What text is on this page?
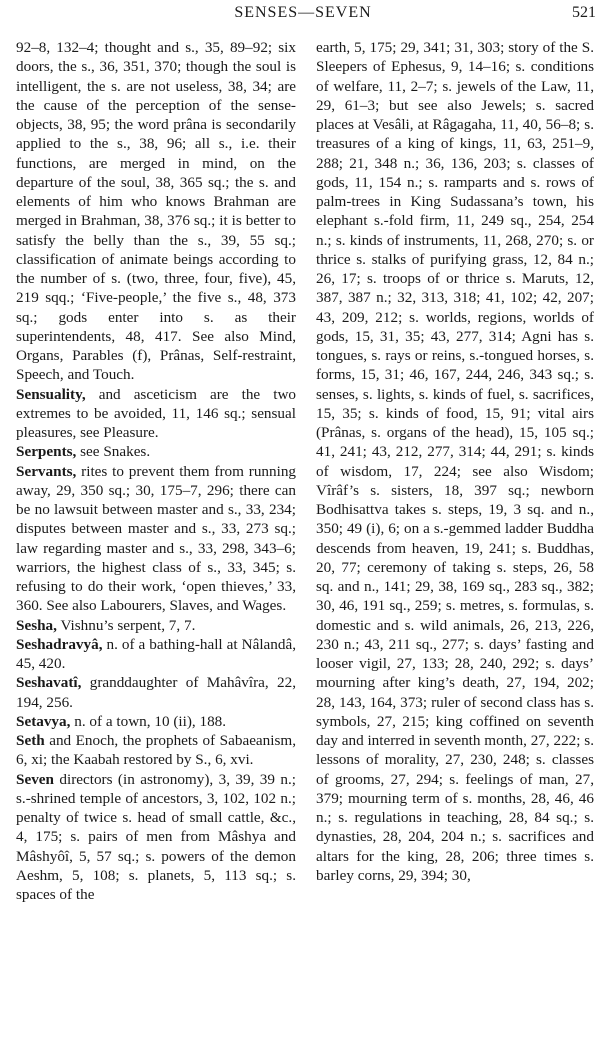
SENSES—SEVEN	521

92–8, 132–4; thought and s., 35, 89–92; six doors, the s., 36, 351, 370; though the soul is intelligent, the s. are not useless, 38, 34; are the cause of the perception of the sense-objects, 38, 95; the word prâna is secondarily applied to the s., 38, 96; all s., i.e. their functions, are merged in mind, on the departure of the soul, 38, 365 sq.; the s. and elements of him who knows Brahman are merged in Brahman, 38, 376 sq.; it is better to satisfy the belly than the s., 39, 55 sq.; classification of animate beings according to the number of s. (two, three, four, five), 45, 219 sqq.; ‘Five-people,’ the five s., 48, 373 sq.; gods enter into s. as their superintendents, 48, 417. See also Mind, Organs, Parables (f), Prânas, Self-restraint, Speech, and Touch.

Sensuality, and asceticism are the two extremes to be avoided, 11, 146 sq.; sensual pleasures, see Pleasure.

Serpents, see Snakes.

Servants, rites to prevent them from running away, 29, 350 sq.; 30, 175–7, 296; there can be no lawsuit between master and s., 33, 234; disputes between master and s., 33, 273 sq.; law regarding master and s., 33, 298, 343–6; warriors, the highest class of s., 33, 345; s. refusing to do their work, ‘open thieves,’ 33, 360. See also Labourers, Slaves, and Wages.

Sesha, Vishnu’s serpent, 7, 7.

Seshadravyâ, n. of a bathing-hall at Nâlandâ, 45, 420.

Seshavatî, granddaughter of Mahâvîra, 22, 194, 256.

Setavya, n. of a town, 10 (ii), 188.

Seth and Enoch, the prophets of Sabaeanism, 6, xi; the Kaabah restored by S., 6, xvi.

Seven directors (in astronomy), 3, 39, 39 n.; s.-shrined temple of ancestors, 3, 102, 102 n.; penalty of twice s. head of small cattle, &c., 4, 175; s. pairs of men from Mâshya and Mâshyôî, 5, 57 sq.; s. powers of the demon Aeshm, 5, 108; s. planets, 5, 113 sq.; s. spaces of the

earth, 5, 175; 29, 341; 31, 303; story of the S. Sleepers of Ephesus, 9, 14–16; s. conditions of welfare, 11, 2–7; s. jewels of the Law, 11, 29, 61–3; but see also Jewels; s. sacred places at Vesâli, at Râgagaha, 11, 40, 56–8; s. treasures of a king of kings, 11, 63, 251–9, 288; 21, 348 n.; 36, 136, 203; s. classes of gods, 11, 154 n.; s. ramparts and s. rows of palm-trees in King Sudassana’s town, his elephant s.-fold firm, 11, 249 sq., 254, 254 n.; s. kinds of instruments, 11, 268, 270; s. or thrice s. stalks of purifying grass, 12, 84 n.; 26, 17; s. troops of or thrice s. Maruts, 12, 387, 387 n.; 32, 313, 318; 41, 102; 42, 207; 43, 209, 212; s. worlds, regions, worlds of gods, 15, 31, 35; 43, 277, 314; Agni has s. tongues, s. rays or reins, s.-tongued horses, s. forms, 15, 31; 46, 167, 244, 246, 343 sq.; s. senses, s. lights, s. kinds of fuel, s. sacrifices, 15, 35; s. kinds of food, 15, 91; vital airs (Prânas, s. organs of the head), 15, 105 sq.; 41, 241; 43, 212, 277, 314; 44, 291; s. kinds of wisdom, 17, 224; see also Wisdom; Vîrâf’s s. sisters, 18, 397 sq.; newborn Bodhisattva takes s. steps, 19, 3 sq. and n., 350; 49 (i), 6; on a s.-gemmed ladder Buddha descends from heaven, 19, 241; s. Buddhas, 20, 77; ceremony of taking s. steps, 26, 58 sq. and n., 141; 29, 38, 169 sq., 283 sq., 382; 30, 46, 191 sq., 259; s. metres, s. formulas, s. domestic and s. wild animals, 26, 213, 226, 230 n.; 43, 211 sq., 277; s. days’ fasting and looser vigil, 27, 133; 28, 240, 292; s. days’ mourning after king’s death, 27, 194, 202; 28, 143, 164, 373; ruler of second class has s. symbols, 27, 215; king coffined on seventh day and interred in seventh month, 27, 222; s. lessons of morality, 27, 230, 248; s. classes of grooms, 27, 294; s. feelings of man, 27, 379; mourning term of s. months, 28, 46, 46 n.; s. regulations in teaching, 28, 84 sq.; s. dynasties, 28, 204, 204 n.; s. sacrifices and altars for the king, 28, 206; three times s. barley corns, 29, 394; 30,
